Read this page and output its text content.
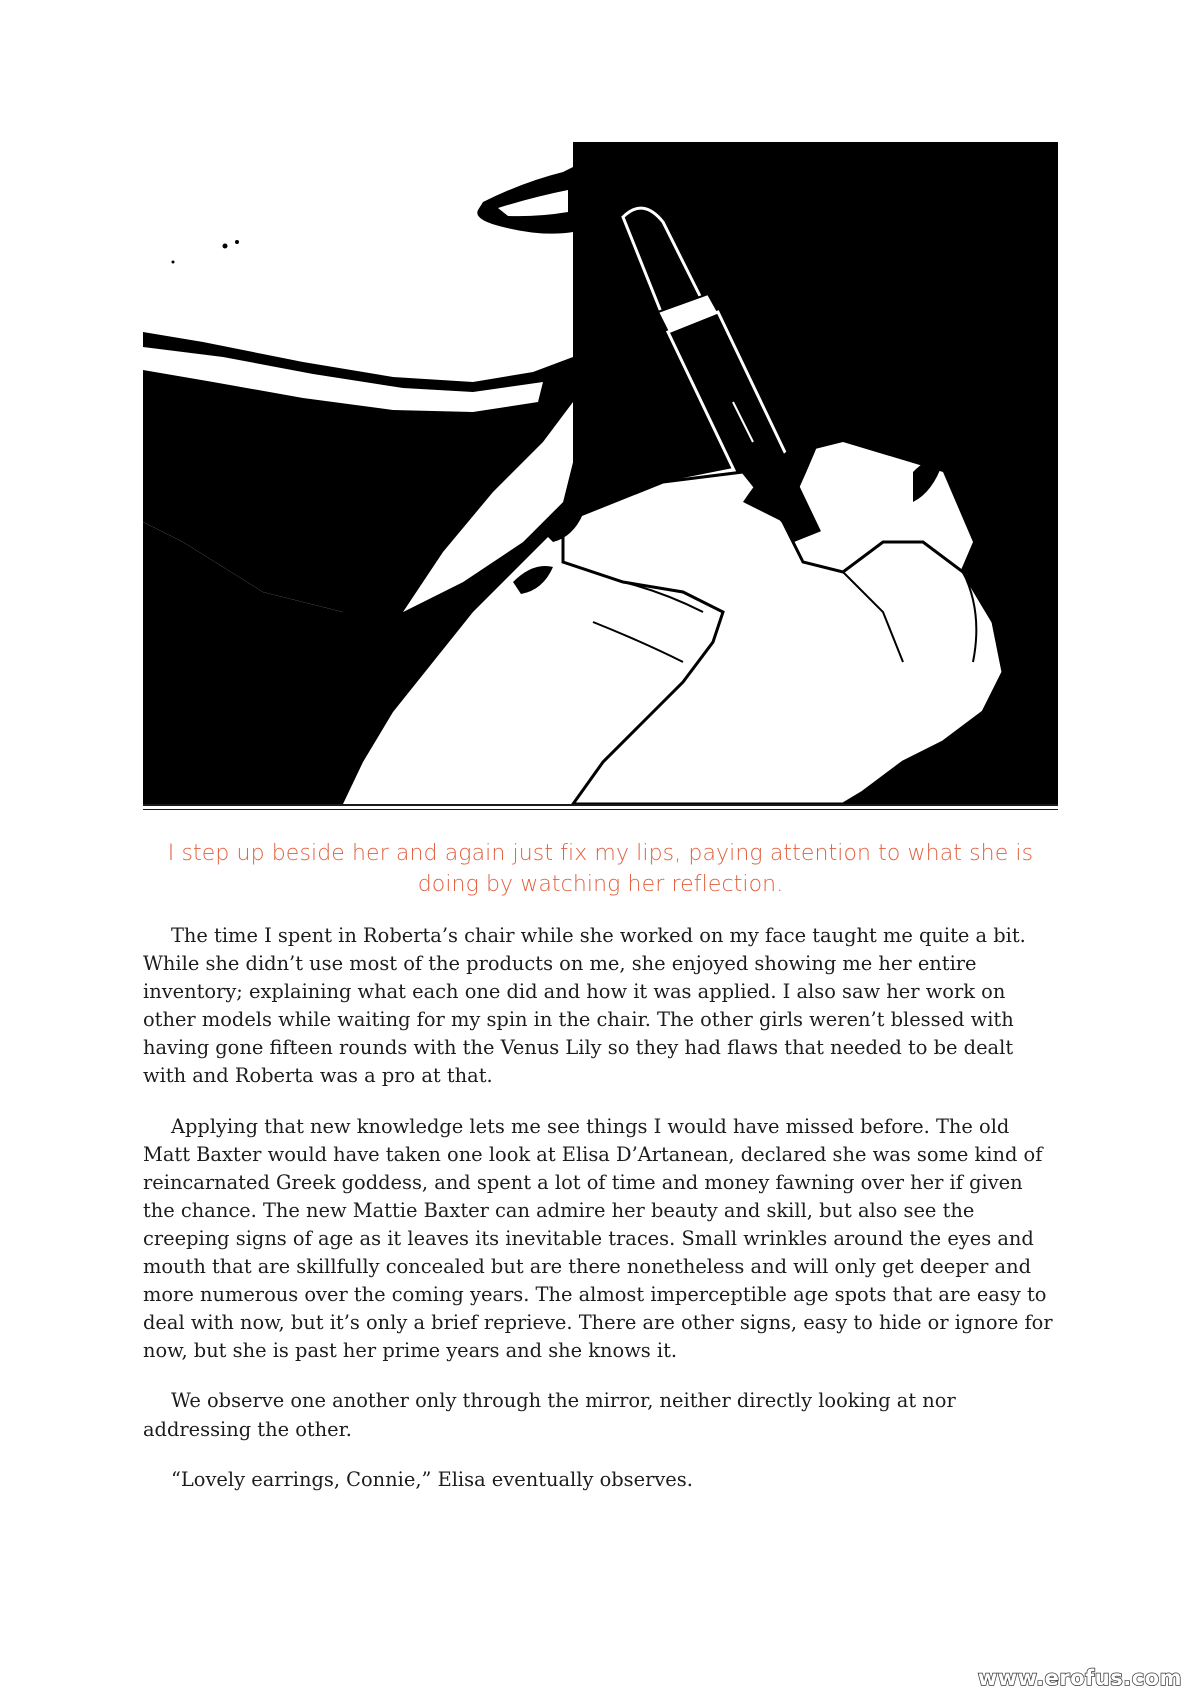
I step up beside her and again just fix my lips, paying attention to what she is doing by watching her reflection.

The time I spent in Roberta’s chair while she worked on my face taught me quite a bit. While she didn’t use most of the products on me, she enjoyed showing me her entire inventory; explaining what each one did and how it was applied. I also saw her work on other models while waiting for my spin in the chair. The other girls weren’t blessed with having gone fifteen rounds with the Venus Lily so they had flaws that needed to be dealt with and Roberta was a pro at that.

Applying that new knowledge lets me see things I would have missed before. The old Matt Baxter would have taken one look at Elisa D’Artanean, declared she was some kind of reincarnated Greek goddess, and spent a lot of time and money fawning over her if given the chance. The new Mattie Baxter can admire her beauty and skill, but also see the creeping signs of age as it leaves its inevitable traces. Small wrinkles around the eyes and mouth that are skillfully concealed but are there nonetheless and will only get deeper and more numerous over the coming years. The almost imperceptible age spots that are easy to deal with now, but it’s only a brief reprieve. There are other signs, easy to hide or ignore for now, but she is past her prime years and she knows it.

We observe one another only through the mirror, neither directly looking at nor addressing the other.

“Lovely earrings, Connie,” Elisa eventually observes.

www.erofus.com
